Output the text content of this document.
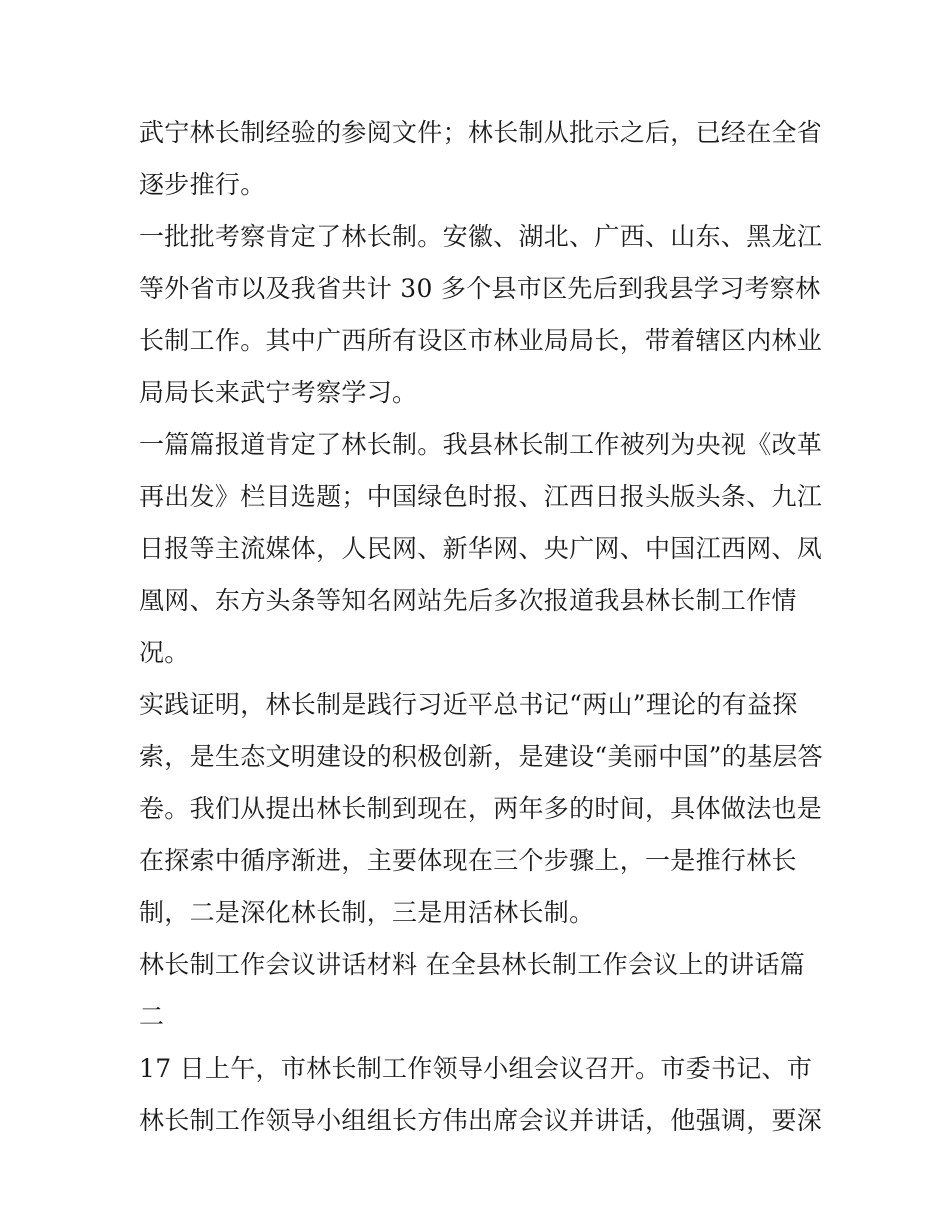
武宁林长制经验的参阅文件；林长制从批示之后，已经在全省
逐步推行。
一批批考察肯定了林长制。安徽、湖北、广西、山东、黑龙江
等外省市以及我省共计 30 多个县市区先后到我县学习考察林
长制工作。其中广西所有设区市林业局局长，带着辖区内林业
局局长来武宁考察学习。
一篇篇报道肯定了林长制。我县林长制工作被列为央视《改革
再出发》栏目选题；中国绿色时报、江西日报头版头条、九江
日报等主流媒体，人民网、新华网、央广网、中国江西网、凤
凰网、东方头条等知名网站先后多次报道我县林长制工作情
况。
实践证明，林长制是践行习近平总书记“两山”理论的有益探
索，是生态文明建设的积极创新，是建设“美丽中国”的基层答
卷。我们从提出林长制到现在，两年多的时间，具体做法也是
在探索中循序渐进，主要体现在三个步骤上，一是推行林长
制，二是深化林长制，三是用活林长制。
林长制工作会议讲话材料 在全县林长制工作会议上的讲话篇
二
17 日上午，市林长制工作领导小组会议召开。市委书记、市
林长制工作领导小组组长方伟出席会议并讲话，他强调，要深
